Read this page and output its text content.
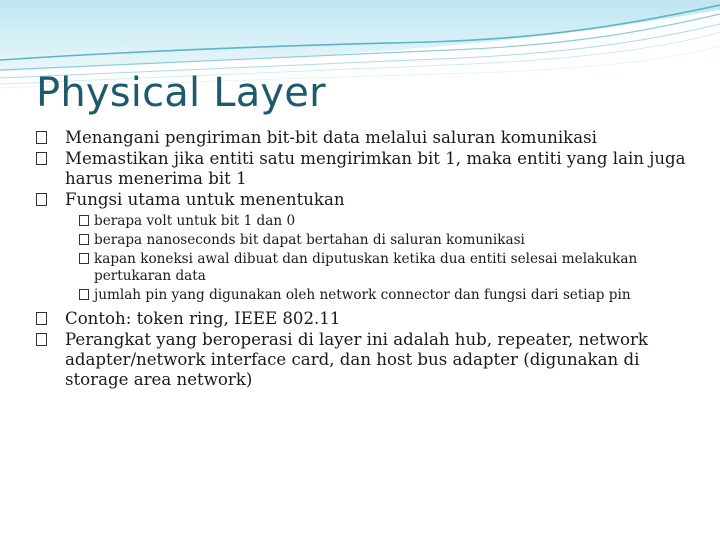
Physical Layer
Menangani pengiriman bit-bit data melalui saluran komunikasi
Memastikan jika entiti satu mengirimkan bit 1, maka entiti yang lain juga harus menerima bit 1
Fungsi utama untuk menentukan
berapa volt untuk bit 1 dan 0
berapa nanoseconds bit dapat bertahan di saluran komunikasi
kapan koneksi awal dibuat dan diputuskan ketika dua entiti selesai melakukan pertukaran data
jumlah pin yang digunakan oleh network connector dan fungsi dari setiap pin
Contoh: token ring, IEEE 802.11
Perangkat yang beroperasi di layer ini adalah hub, repeater, network adapter/network interface card, dan host bus adapter (digunakan di storage area network)
